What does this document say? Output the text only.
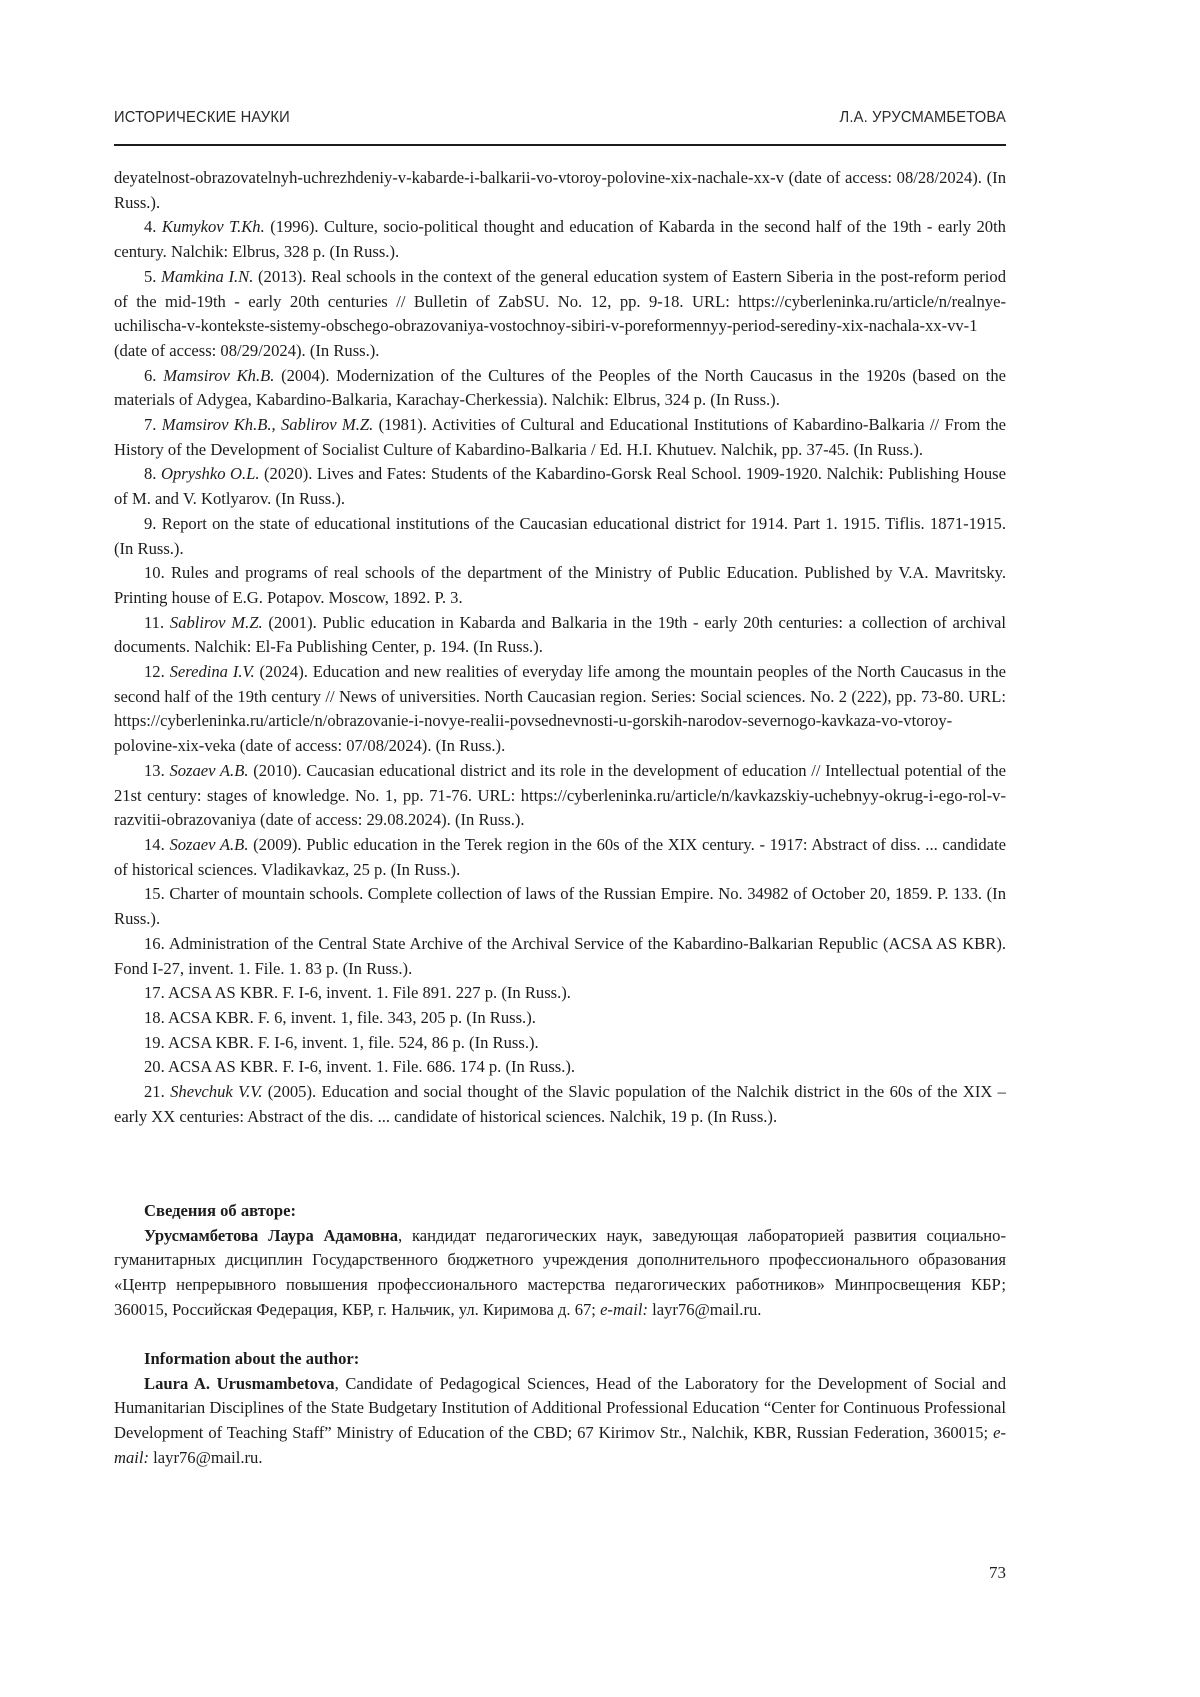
ИСТОРИЧЕСКИЕ НАУКИ	Л.А. УРУСМАМБЕТОВА

deyatelnost-obrazovatelnyh-uchrezhdeniy-v-kabarde-i-balkarii-vo-vtoroy-polovine-xix-nachale-xx-v (date of access: 08/28/2024). (In Russ.).

4. Kumykov T.Kh. (1996). Culture, socio-political thought and education of Kabarda in the second half of the 19th - early 20th century. Nalchik: Elbrus, 328 p. (In Russ.).

5. Mamkina I.N. (2013). Real schools in the context of the general education system of Eastern Siberia in the post-reform period of the mid-19th - early 20th centuries // Bulletin of ZabSU. No. 12, pp. 9-18. URL: https://cyberleninka.ru/article/n/realnye-uchilischa-v-kontekste-sistemy-obschego-obrazovaniya-vostochnoy-sibiri-v-poreformennyy-period-serediny-xix-nachala-xx-vv-1 (date of access: 08/29/2024). (In Russ.).

6. Mamsirov Kh.B. (2004). Modernization of the Cultures of the Peoples of the North Caucasus in the 1920s (based on the materials of Adygea, Kabardino-Balkaria, Karachay-Cherkessia). Nalchik: Elbrus, 324 p. (In Russ.).

7. Mamsirov Kh.B., Sablirov M.Z. (1981). Activities of Cultural and Educational Institutions of Kabardino-Balkaria // From the History of the Development of Socialist Culture of Kabardino-Balkaria / Ed. H.I. Khutuev. Nalchik, pp. 37-45. (In Russ.).

8. Opryshko O.L. (2020). Lives and Fates: Students of the Kabardino-Gorsk Real School. 1909-1920. Nalchik: Publishing House of M. and V. Kotlyarov. (In Russ.).

9. Report on the state of educational institutions of the Caucasian educational district for 1914. Part 1. 1915. Tiflis. 1871-1915. (In Russ.).

10. Rules and programs of real schools of the department of the Ministry of Public Education. Published by V.A. Mavritsky. Printing house of E.G. Potapov. Moscow, 1892. P. 3.

11. Sablirov M.Z. (2001). Public education in Kabarda and Balkaria in the 19th - early 20th centuries: a collection of archival documents. Nalchik: El-Fa Publishing Center, p. 194. (In Russ.).

12. Seredina I.V. (2024). Education and new realities of everyday life among the mountain peoples of the North Caucasus in the second half of the 19th century // News of universities. North Caucasian region. Series: Social sciences. No. 2 (222), pp. 73-80. URL: https://cyberleninka.ru/article/n/obrazovanie-i-novye-realii-povsednevnosti-u-gorskih-narodov-severnogo-kavkaza-vo-vtoroy-polovine-xix-veka (date of access: 07/08/2024). (In Russ.).

13. Sozaev A.B. (2010). Caucasian educational district and its role in the development of education // Intellectual potential of the 21st century: stages of knowledge. No. 1, pp. 71-76. URL: https://cyberleninka.ru/article/n/kavkazskiy-uchebnyy-okrug-i-ego-rol-v-razvitii-obrazovaniya (date of access: 29.08.2024). (In Russ.).

14. Sozaev A.B. (2009). Public education in the Terek region in the 60s of the XIX century. - 1917: Abstract of diss. ... candidate of historical sciences. Vladikavkaz, 25 p. (In Russ.).

15. Charter of mountain schools. Complete collection of laws of the Russian Empire. No. 34982 of October 20, 1859. P. 133. (In Russ.).

16. Administration of the Central State Archive of the Archival Service of the Kabardino-Balkarian Republic (ACSA AS KBR). Fond I-27, invent. 1. File. 1. 83 p. (In Russ.).

17. ACSA AS KBR. F. I-6, invent. 1. File 891. 227 p. (In Russ.).

18. ACSA KBR. F. 6, invent. 1, file. 343, 205 p. (In Russ.).

19. ACSA KBR. F. I-6, invent. 1, file. 524, 86 p. (In Russ.).

20. ACSA AS KBR. F. I-6, invent. 1. File. 686. 174 p. (In Russ.).

21. Shevchuk V.V. (2005). Education and social thought of the Slavic population of the Nalchik district in the 60s of the XIX – early XX centuries: Abstract of the dis. ... candidate of historical sciences. Nalchik, 19 p. (In Russ.).

Сведения об авторе:

Урусмамбетова Лаура Адамовна, кандидат педагогических наук, заведующая лабораторией развития социально-гуманитарных дисциплин Государственного бюджетного учреждения дополнительного профессионального образования «Центр непрерывного повышения профессионального мастерства педагогических работников» Минпросвещения КБР; 360015, Российская Федерация, КБР, г. Нальчик, ул. Киримова д. 67; e-mail: layr76@mail.ru.

Information about the author:

Laura A. Urusmambetova, Candidate of Pedagogical Sciences, Head of the Laboratory for the Development of Social and Humanitarian Disciplines of the State Budgetary Institution of Additional Professional Education “Center for Continuous Professional Development of Teaching Staff” Ministry of Education of the CBD; 67 Kirimov Str., Nalchik, KBR, Russian Federation, 360015; e-mail: layr76@mail.ru.

73
